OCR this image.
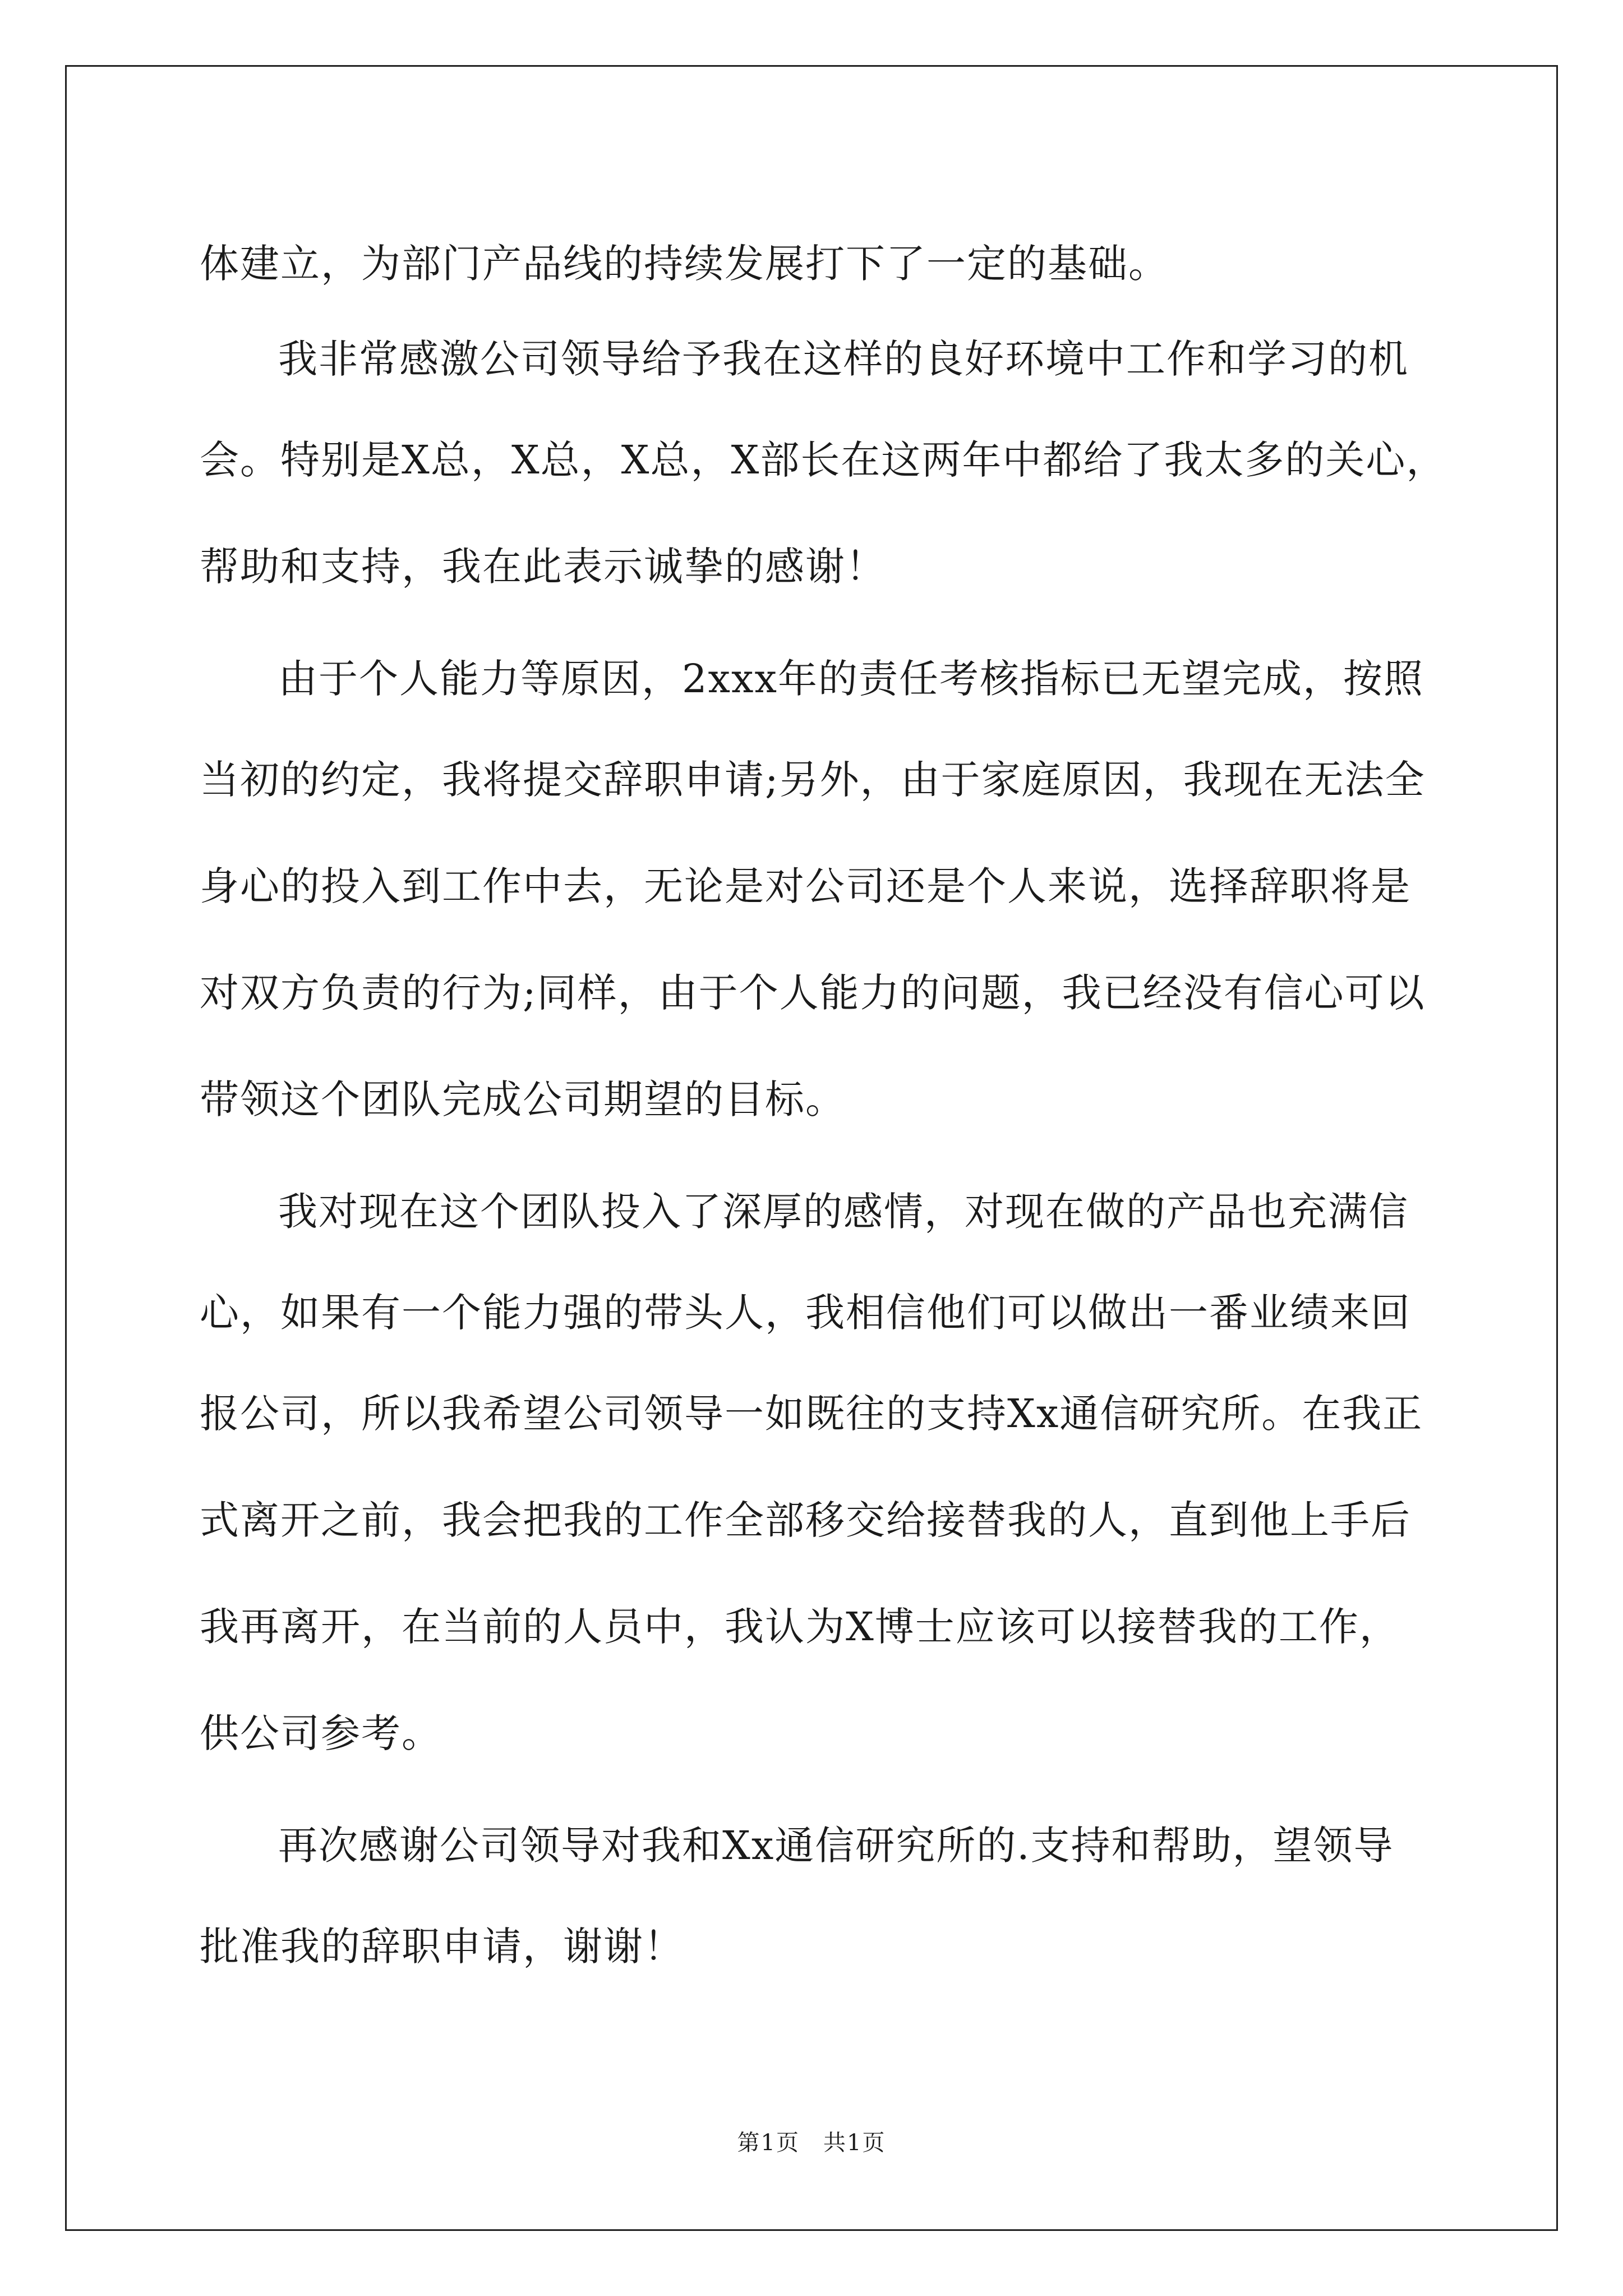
体建立，为部门产品线的持续发展打下了一定的基础。
我非常感激公司领导给予我在这样的良好环境中工作和学习的机
会。特别是X总，X总，X总，X部长在这两年中都给了我太多的关心，
帮助和支持，我在此表示诚挚的感谢！
由于个人能力等原因，2xxx年的责任考核指标已无望完成，按照
当初的约定，我将提交辞职申请;另外，由于家庭原因，我现在无法全
身心的投入到工作中去，无论是对公司还是个人来说，选择辞职将是
对双方负责的行为;同样，由于个人能力的问题，我已经没有信心可以
带领这个团队完成公司期望的目标。
我对现在这个团队投入了深厚的感情，对现在做的产品也充满信
心，如果有一个能力强的带头人，我相信他们可以做出一番业绩来回
报公司，所以我希望公司领导一如既往的支持Xx通信研究所。在我正
式离开之前，我会把我的工作全部移交给接替我的人，直到他上手后
我再离开，在当前的人员中，我认为X博士应该可以接替我的工作，
供公司参考。
再次感谢公司领导对我和Xx通信研究所的.支持和帮助，望领导
批准我的辞职申请，谢谢！
第1页　共1页
